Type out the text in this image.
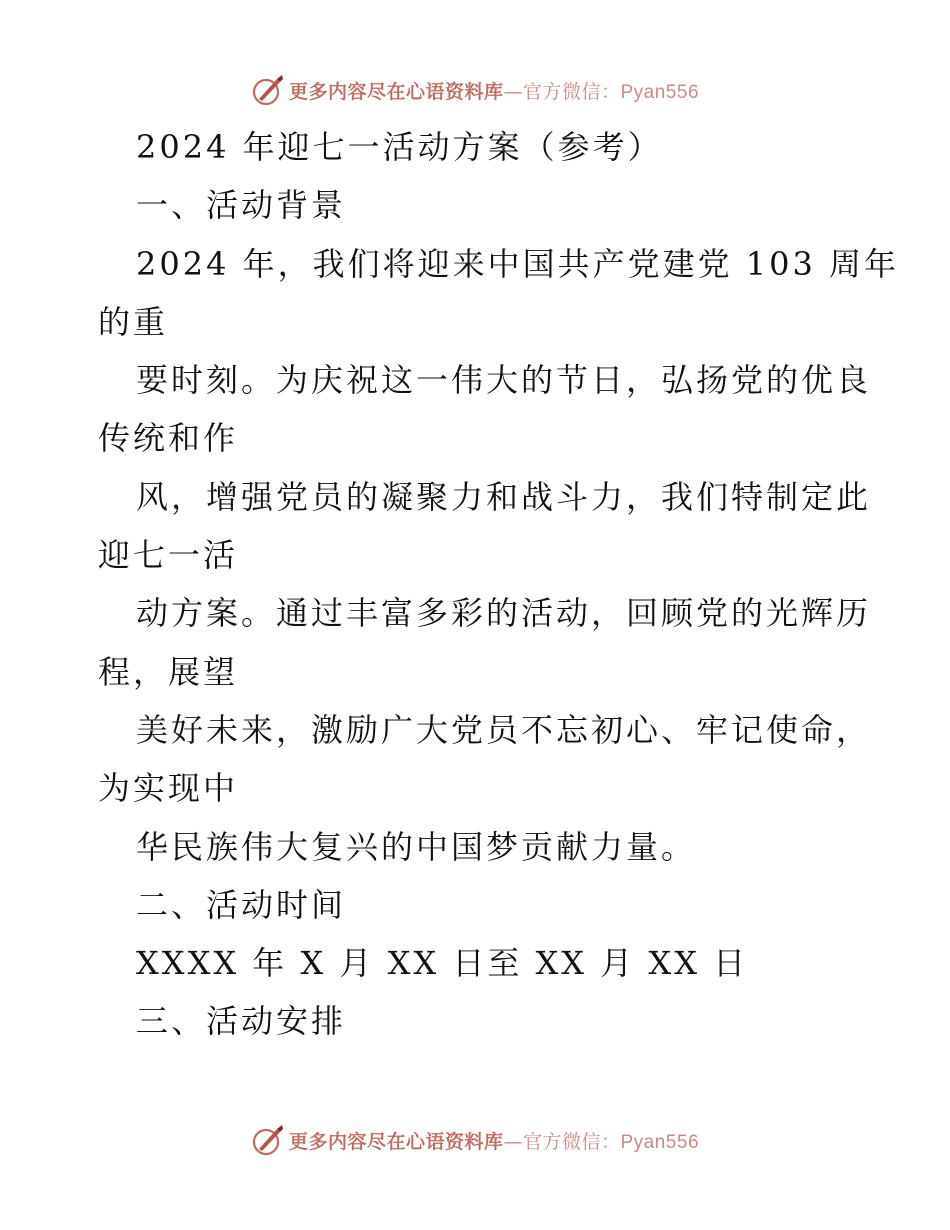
更多内容尽在心语资料库—官方微信：Pyan556
2024 年迎七一活动方案（参考）
一、活动背景
2024 年，我们将迎来中国共产党建党 103 周年
的重
要时刻。为庆祝这一伟大的节日，弘扬党的优良
传统和作
风，增强党员的凝聚力和战斗力，我们特制定此
迎七一活
动方案。通过丰富多彩的活动，回顾党的光辉历
程，展望
美好未来，激励广大党员不忘初心、牢记使命，
为实现中
华民族伟大复兴的中国梦贡献力量。
二、活动时间
XXXX 年 X 月 XX 日至 XX 月 XX 日
三、活动安排
更多内容尽在心语资料库—官方微信：Pyan556
